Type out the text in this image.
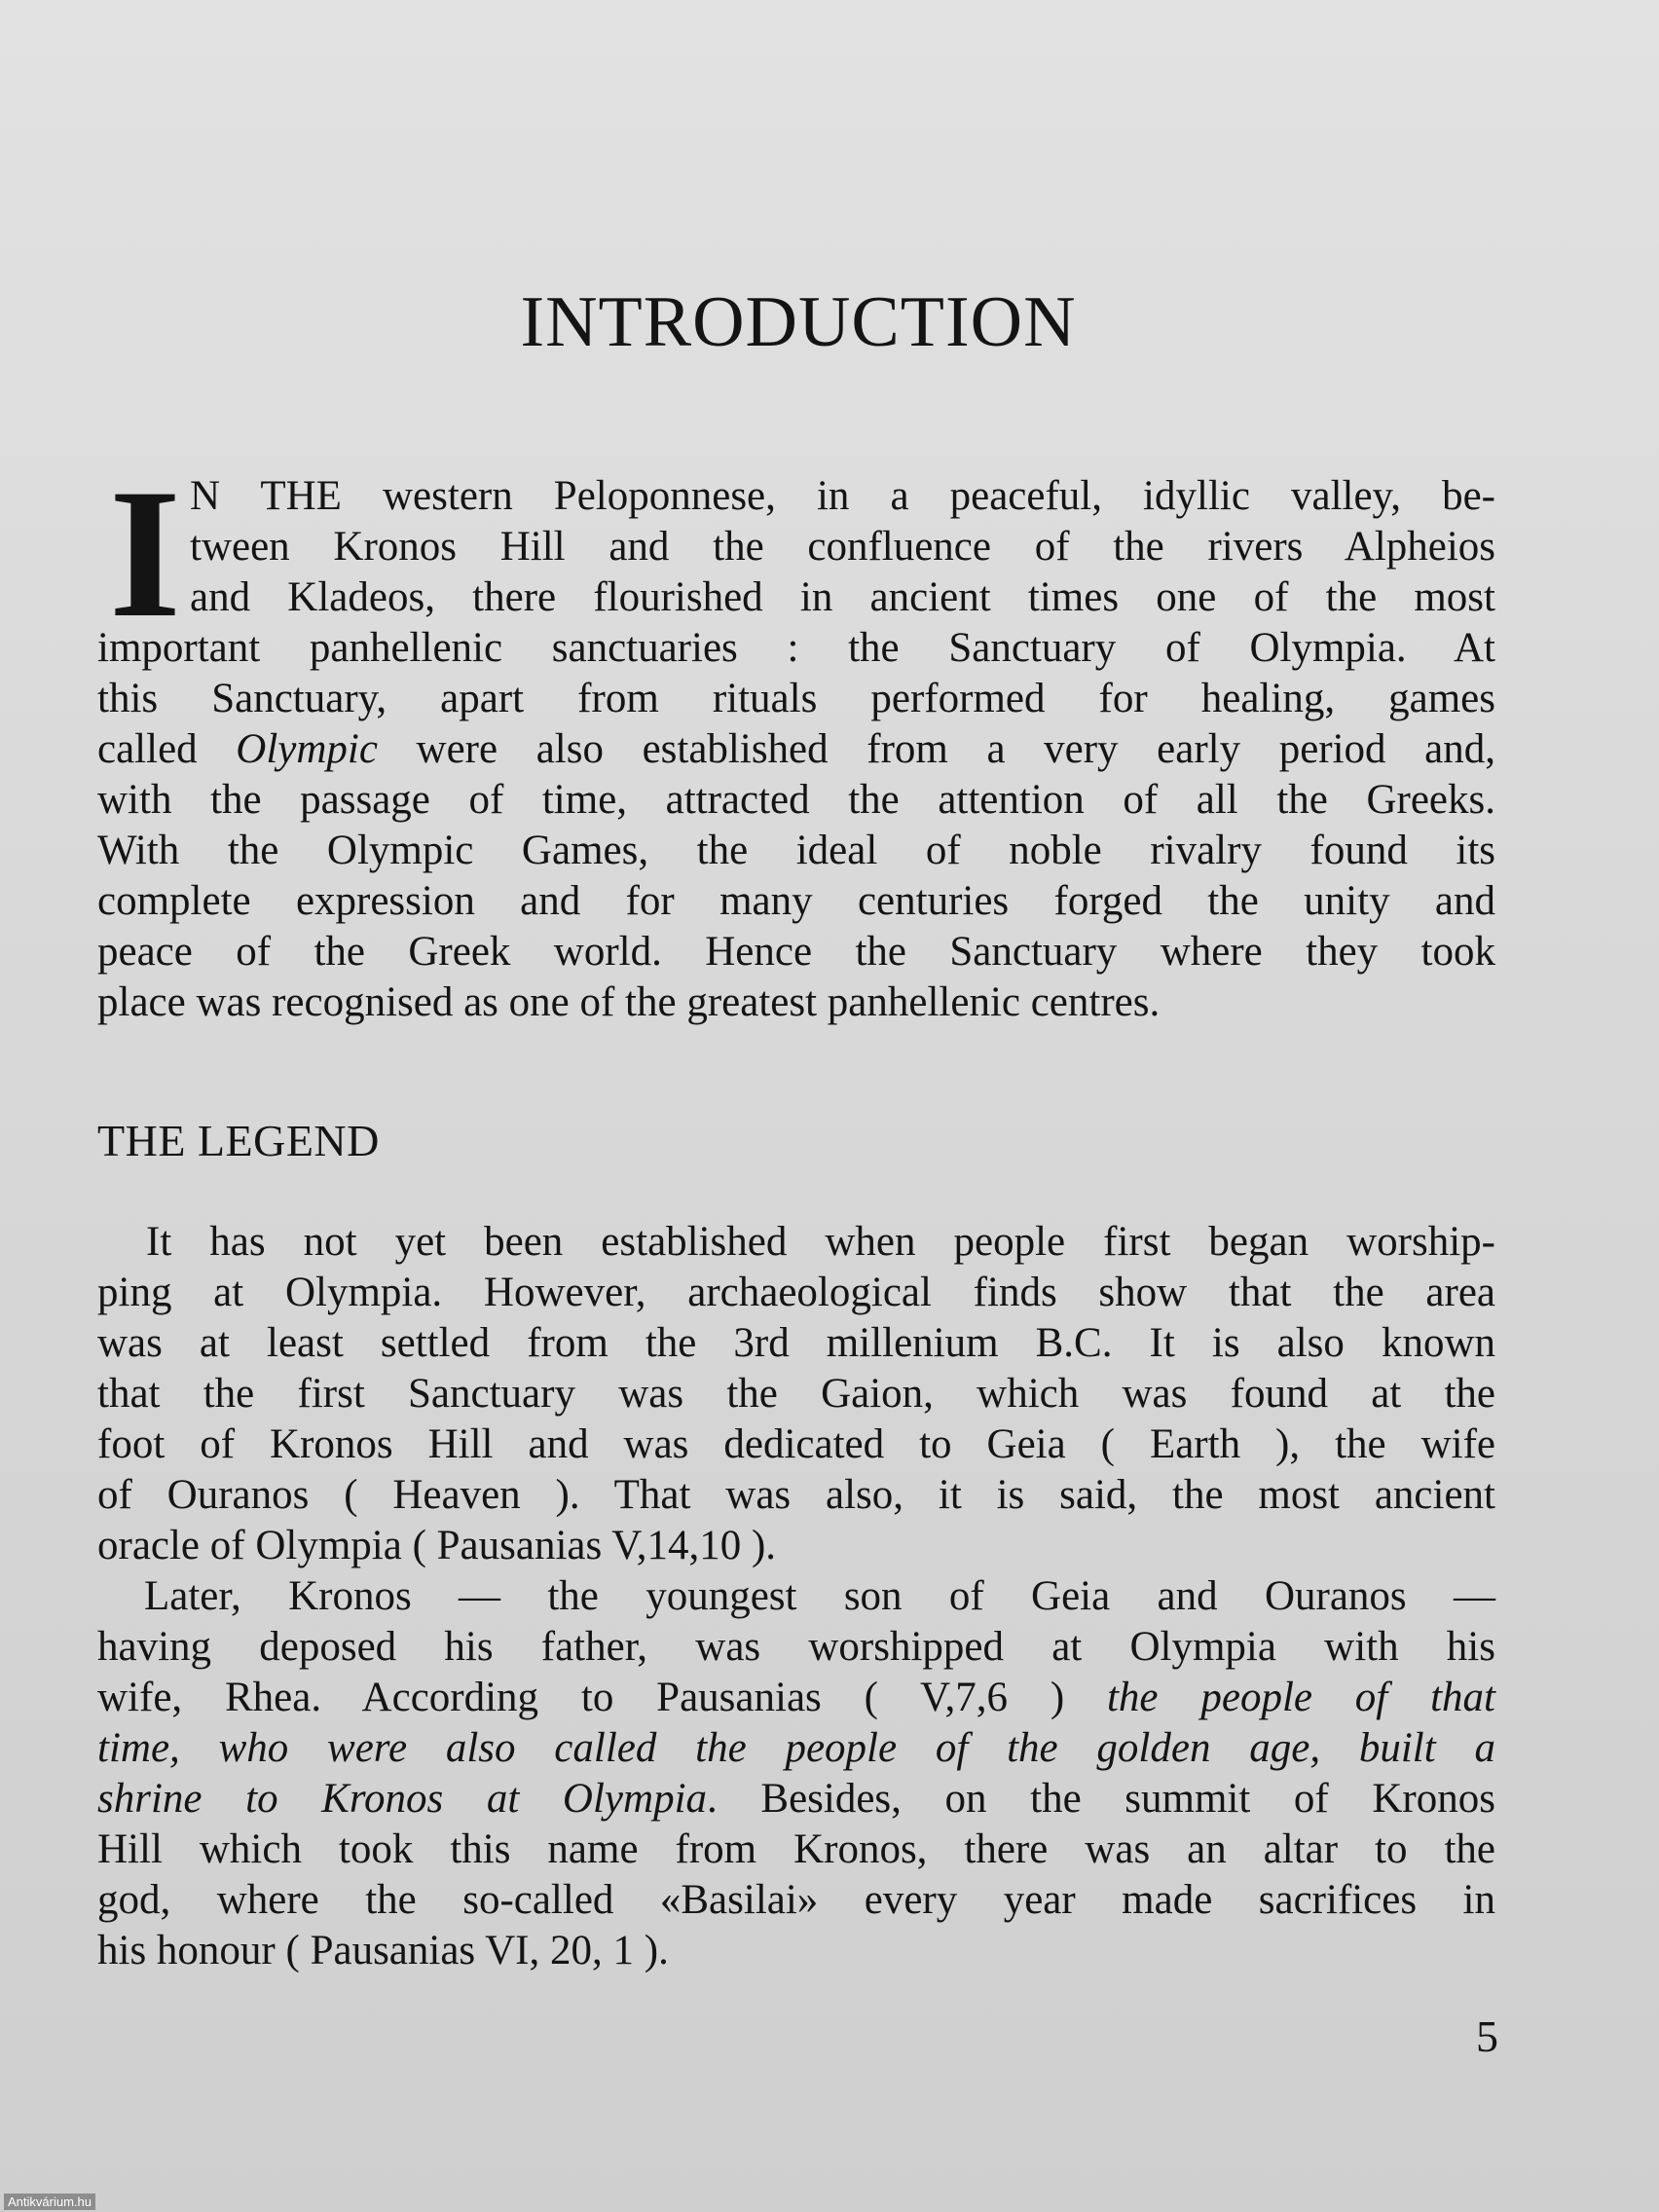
INTRODUCTION
I N THE western Peloponnese, in a peaceful, idyllic valley, be-
tween Kronos Hill and the confluence of the rivers Alpheios
and Kladeos, there flourished in ancient times one of the most
important panhellenic sanctuaries : the Sanctuary of Olympia. At
this Sanctuary, apart from rituals performed for healing, games
called Olympic were also established from a very early period and,
with the passage of time, attracted the attention of all the Greeks.
With the Olympic Games, the ideal of noble rivalry found its
complete expression and for many centuries forged the unity and
peace of the Greek world. Hence the Sanctuary where they took
place was recognised as one of the greatest panhellenic centres.
THE LEGEND
It has not yet been established when people first began worship-
ping at Olympia. However, archaeological finds show that the area
was at least settled from the 3rd millenium B.C. It is also known
that the first Sanctuary was the Gaion, which was found at the
foot of Kronos Hill and was dedicated to Geia ( Earth ), the wife
of Ouranos ( Heaven ). That was also, it is said, the most ancient
oracle of Olympia ( Pausanias V,14,10 ).
Later, Kronos — the youngest son of Geia and Ouranos —
having deposed his father, was worshipped at Olympia with his
wife, Rhea. According to Pausanias ( V,7,6 ) the people of that
time, who were also called the people of the golden age, built a
shrine to Kronos at Olympia. Besides, on the summit of Kronos
Hill which took this name from Kronos, there was an altar to the
god, where the so-called «Basilai» every year made sacrifices in
his honour ( Pausanias VI, 20, 1 ).
5
Antikvárium.hu
